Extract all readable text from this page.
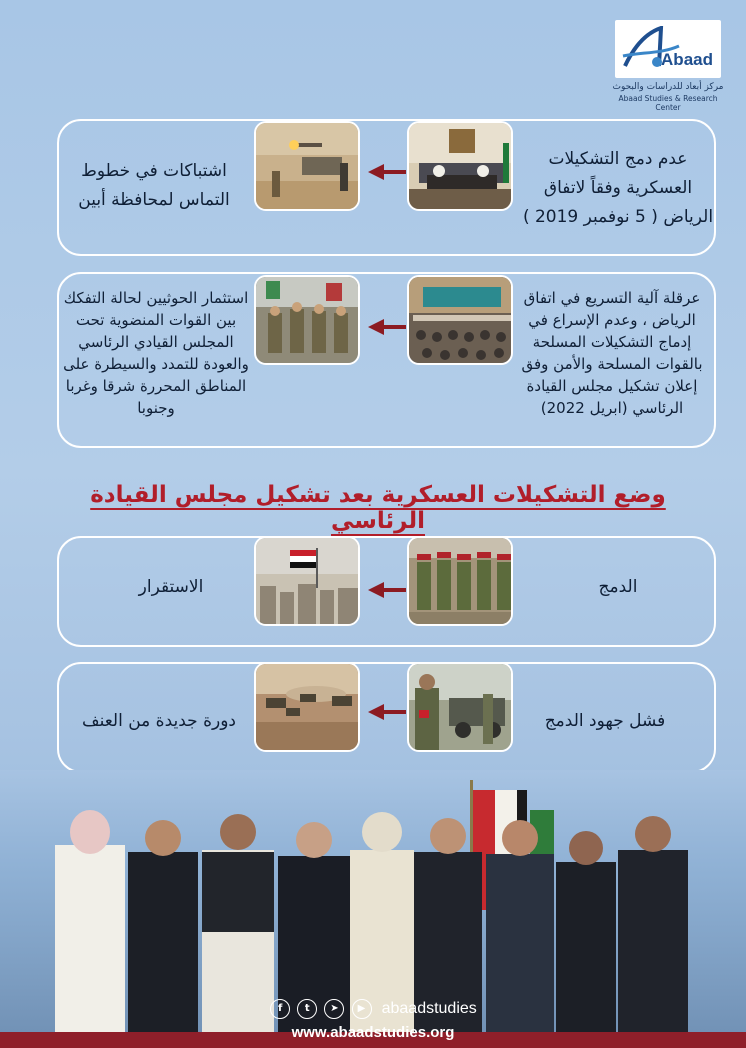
Abaad
مركز أبعاد للدراسات والبحوث
Abaad Studies & Research Center
عدم دمج التشكيلات العسكرية وفقاً لاتفاق الرياض ( 5 نوفمبر 2019 )
اشتباكات في خطوط التماس لمحافظة أبين
عرقلة آلية التسريع في اتفاق الرياض ، وعدم الإسراع في إدماج التشكيلات المسلحة بالقوات المسلحة والأمن وفق إعلان تشكيل مجلس القيادة الرئاسي (ابريل 2022)
استثمار الحوثيين لحالة التفكك بين القوات المنضوية تحت المجلس القيادي الرئاسي والعودة للتمدد والسيطرة على المناطق المحررة شرقا وغربا وجنوبا
وضع التشكيلات العسكرية بعد تشكيل مجلس القيادة الرئاسي
الدمج
الاستقرار
فشل جهود الدمج
دورة جديدة من العنف
f t ➤ ▶ abaadstudies
www.abaadstudies.org
